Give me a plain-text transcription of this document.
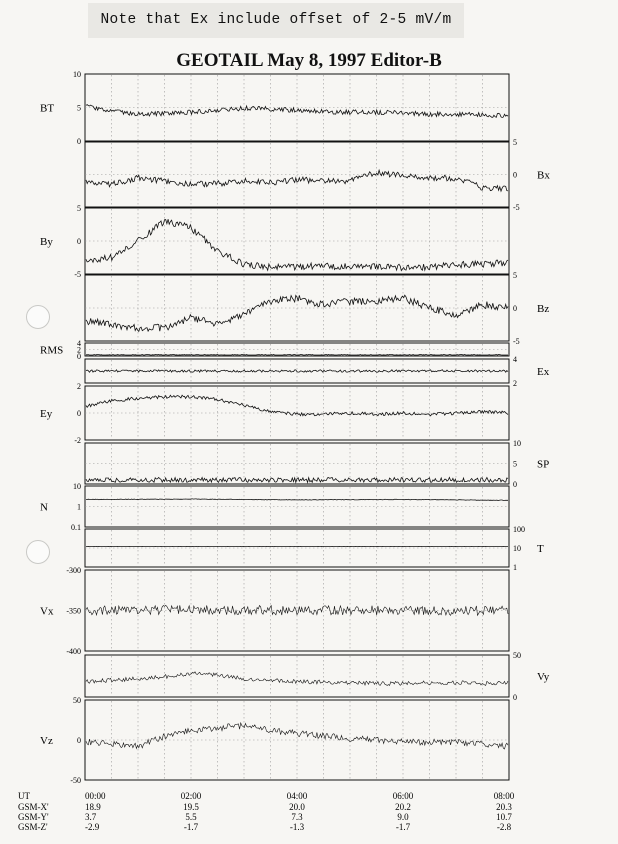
Note that Ex include offset of 2-5 mV/m
GEOTAIL May 8, 1997 Editor-B
10
5
0
BT
5
0
-5
Bx
5
0
-5
By
5
0
-5
Bz
4
2
0
RMS
4
2
Ex
2
0
-2
Ey
10
5
0
SP
10
1
0.1
N
100
10
1
T
-300
-350
-400
Vx
50
0
Vy
50
0
-50
Vz
UT	00:00	02:00	04:00	06:00	08:00
GSM-X'	18.9	19.5	20.0	20.2	20.3
GSM-Y'	3.7	5.5	7.3	9.0	10.7
GSM-Z'	-2.9	-1.7	-1.3	-1.7	-2.8
